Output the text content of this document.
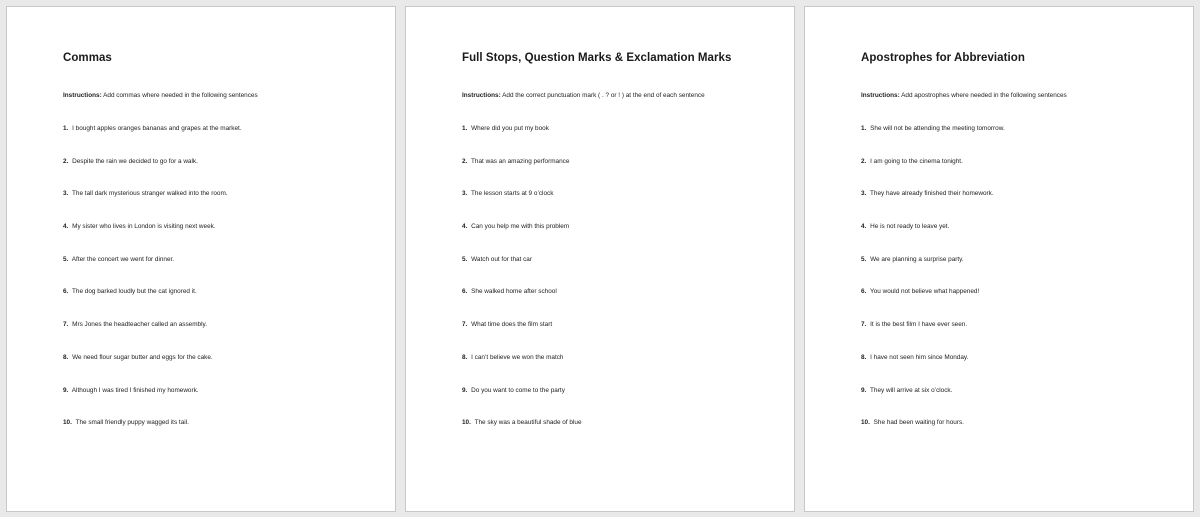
Commas
Instructions: Add commas where needed in the following sentences
1. I bought apples oranges bananas and grapes at the market.
2. Despite the rain we decided to go for a walk.
3. The tall dark mysterious stranger walked into the room.
4. My sister who lives in London is visiting next week.
5. After the concert we went for dinner.
6. The dog barked loudly but the cat ignored it.
7. Mrs Jones the headteacher called an assembly.
8. We need flour sugar butter and eggs for the cake.
9. Although I was tired I finished my homework.
10. The small friendly puppy wagged its tail.
Full Stops, Question Marks & Exclamation Marks
Instructions: Add the correct punctuation mark ( . ? or ! ) at the end of each sentence
1. Where did you put my book
2. That was an amazing performance
3. The lesson starts at 9 o’clock
4. Can you help me with this problem
5. Watch out for that car
6. She walked home after school
7. What time does the film start
8. I can’t believe we won the match
9. Do you want to come to the party
10. The sky was a beautiful shade of blue
Apostrophes for Abbreviation
Instructions: Add apostrophes where needed in the following sentences
1. She will not be attending the meeting tomorrow.
2. I am going to the cinema tonight.
3. They have already finished their homework.
4. He is not ready to leave yet.
5. We are planning a surprise party.
6. You would not believe what happened!
7. It is the best film I have ever seen.
8. I have not seen him since Monday.
9. They will arrive at six o’clock.
10. She had been waiting for hours.
